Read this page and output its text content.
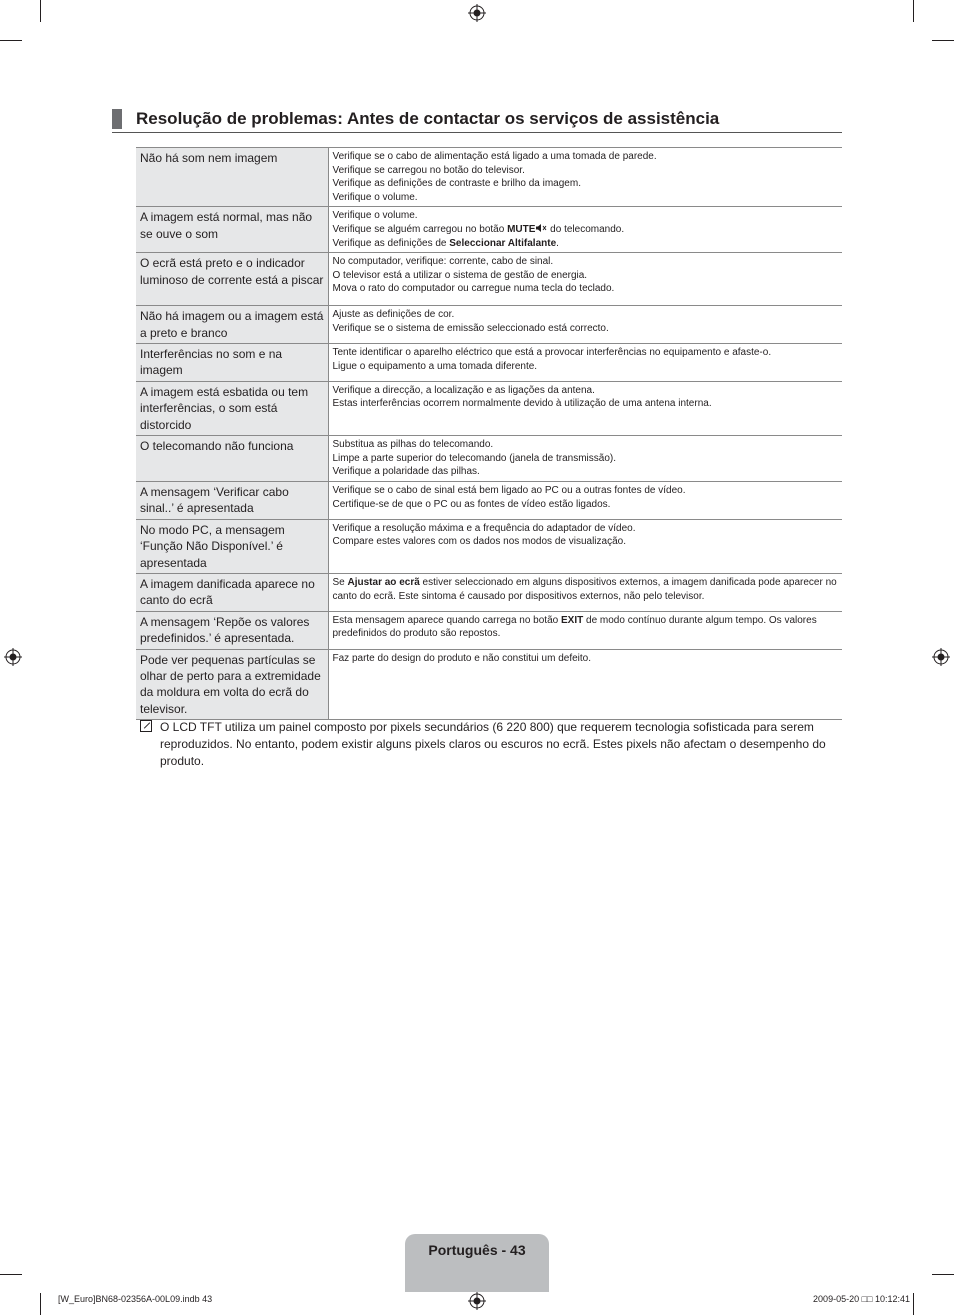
Resolução de problemas: Antes de contactar os serviços de assistência
Não há som nem imagem	Verifique se o cabo de alimentação está ligado a uma tomada de parede.
Verifique se carregou no botão do televisor.
Verifique as definições de contraste e brilho da imagem.
Verifique o volume.

A imagem está normal, mas não se ouve o som	Verifique o volume.
Verifique se alguém carregou no botão MUTE do telecomando.
Verifique as definições de Seleccionar Altifalante.

O ecrã está preto e o indicador luminoso de corrente está a piscar	No computador, verifique: corrente, cabo de sinal.
O televisor está a utilizar o sistema de gestão de energia.
Mova o rato do computador ou carregue numa tecla do teclado.

Não há imagem ou a imagem está a preto e branco	Ajuste as definições de cor.
Verifique se o sistema de emissão seleccionado está correcto.

Interferências no som e na imagem	Tente identificar o aparelho eléctrico que está a provocar interferências no equipamento e afaste-o.
Ligue o equipamento a uma tomada diferente.

A imagem está esbatida ou tem interferências, o som está distorcido	Verifique a direcção, a localização e as ligações da antena.
Estas interferências ocorrem normalmente devido à utilização de uma antena interna.

O telecomando não funciona	Substitua as pilhas do telecomando.
Limpe a parte superior do telecomando (janela de transmissão).
Verifique a polaridade das pilhas.

A mensagem ‘Verificar cabo sinal..’ é apresentada	Verifique se o cabo de sinal está bem ligado ao PC ou a outras fontes de vídeo.
Certifique-se de que o PC ou as fontes de vídeo estão ligados.

No modo PC, a mensagem ‘Função Não Disponível.’ é apresentada	Verifique a resolução máxima e a frequência do adaptador de vídeo.
Compare estes valores com os dados nos modos de visualização.

A imagem danificada aparece no canto do ecrã	Se Ajustar ao ecrã estiver seleccionado em alguns dispositivos externos, a imagem danificada pode aparecer no canto do ecrã. Este sintoma é causado por dispositivos externos, não pelo televisor.

A mensagem ‘Repõe os valores predefinidos.’ é apresentada.	Esta mensagem aparece quando carrega no botão EXIT de modo contínuo durante algum tempo. Os valores predefinidos do produto são repostos.

Pode ver pequenas partículas se olhar de perto para a extremidade da moldura em volta do ecrã do televisor.	Faz parte do design do produto e não constitui um defeito.
O LCD TFT utiliza um painel composto por pixels secundários (6 220 800) que requerem tecnologia sofisticada para serem reproduzidos. No entanto, podem existir alguns pixels claros ou escuros no ecrã. Estes pixels não afectam o desempenho do produto.
Português - 43
[W_Euro]BN68-02356A-00L09.indb 43	2009-05-20 □□ 10:12:41
